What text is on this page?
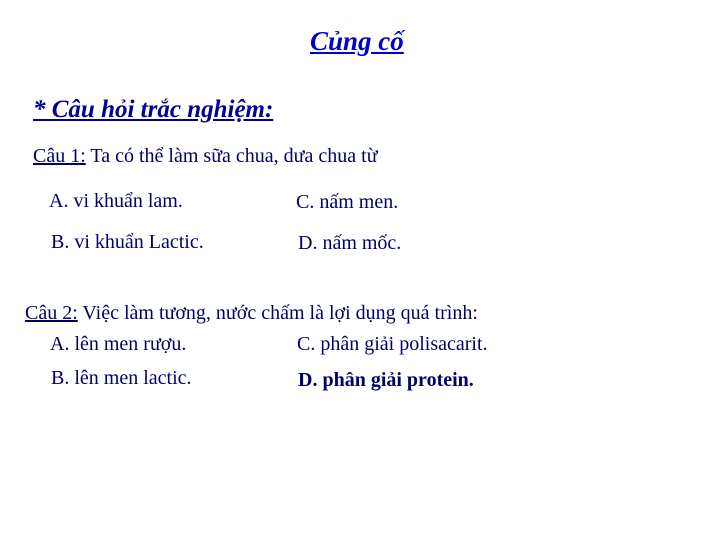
Củng cố
* Câu hỏi trắc nghiệm:
Câu 1: Ta có thể làm sữa chua, dưa chua từ
A. vi khuẩn lam.
B. vi khuẩn Lactic.
C. nấm men.
D. nấm mốc.
Câu 2: Việc làm tương, nước chấm là lợi dụng quá trình:
A. lên men rượu.
B. lên men lactic.
C. phân giải polisacarit.
D. phân giải protein.
